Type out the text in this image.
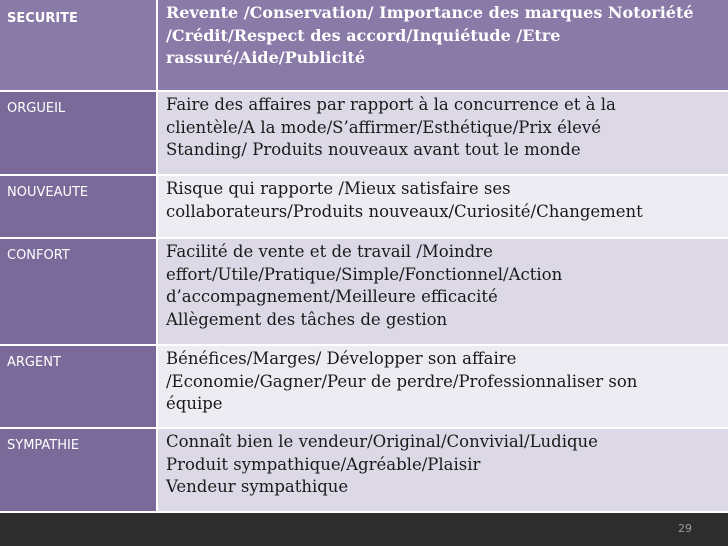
SECURITE	Revente /Conservation/ Importance des marques Notoriété
/Crédit/Respect des accord/Inquiétude /Etre
rassuré/Aide/Publicité

ORGUEIL	Faire des affaires par rapport à la concurrence et à la
clientèle/A la mode/S’affirmer/Esthétique/Prix élevé
Standing/ Produits nouveaux avant tout le monde

NOUVEAUTE	Risque qui rapporte /Mieux satisfaire ses
collaborateurs/Produits nouveaux/Curiosité/Changement

CONFORT	Facilité de vente et de travail /Moindre
effort/Utile/Pratique/Simple/Fonctionnel/Action
d’accompagnement/Meilleure efficacité
Allègement des tâches de gestion

ARGENT	Bénéfices/Marges/ Développer son affaire
/Economie/Gagner/Peur de perdre/Professionnaliser son
équipe

SYMPATHIE	Connaît bien le vendeur/Original/Convivial/Ludique
Produit sympathique/Agréable/Plaisir
Vendeur sympathique
29
